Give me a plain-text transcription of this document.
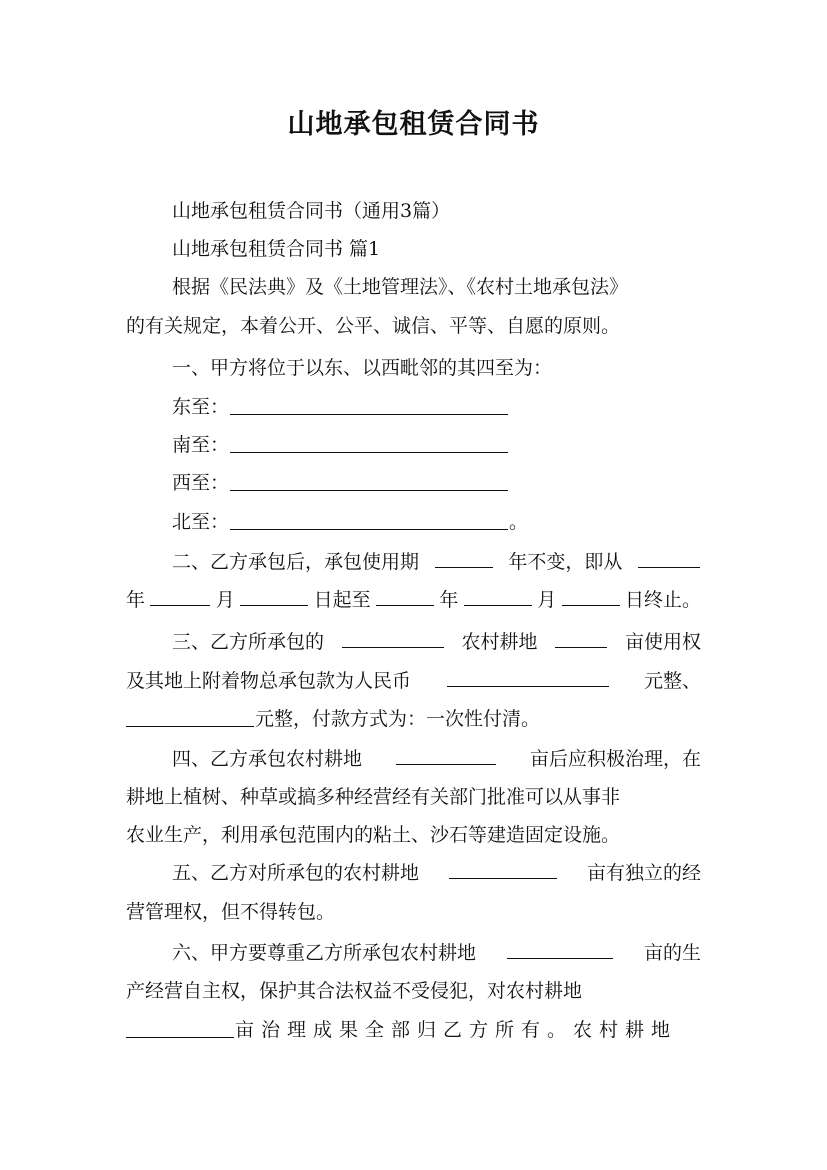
山地承包租赁合同书
山地承包租赁合同书（通用3篇）
山地承包租赁合同书 篇1
根据《民法典》及《土地管理法》、《农村土地承包法》
的有关规定，本着公开、公平、诚信、平等、自愿的原则。
一、甲方将位于以东、以西毗邻的其四至为：
东至：
南至：
西至：
北至：	。
二、乙方承包后，承包使用期	年不变，即从
年	月	日起至	年	月	日终止。
三、乙方所承包的	农村耕地	亩使用权
及其地上附着物总承包款为人民币	元整、
元整，付款方式为：一次性付清。
四、乙方承包农村耕地	亩后应积极治理，在
耕地上植树、种草或搞多种经营经有关部门批准可以从事非
农业生产，利用承包范围内的粘土、沙石等建造固定设施。
五、乙方对所承包的农村耕地	亩有独立的经
营管理权，但不得转包。
六、甲方要尊重乙方所承包农村耕地	亩的生
产经营自主权，保护其合法权益不受侵犯，对农村耕地
亩治理成果全部归乙方所有。农村耕地
